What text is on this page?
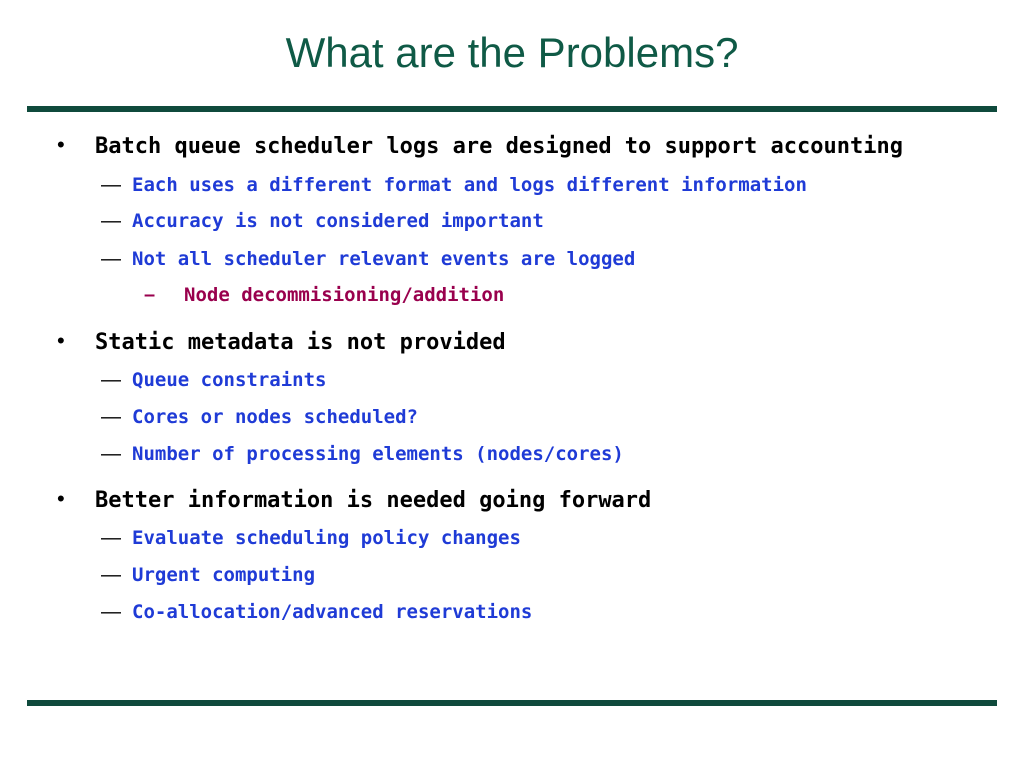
What are the Problems?
• Batch queue scheduler logs are designed to support accounting
— Each uses a different format and logs different information
— Accuracy is not considered important
— Not all scheduler relevant events are logged
– Node decommisioning/addition
• Static metadata is not provided
— Queue constraints
— Cores or nodes scheduled?
— Number of processing elements (nodes/cores)
• Better information is needed going forward
— Evaluate scheduling policy changes
— Urgent computing
— Co-allocation/advanced reservations
